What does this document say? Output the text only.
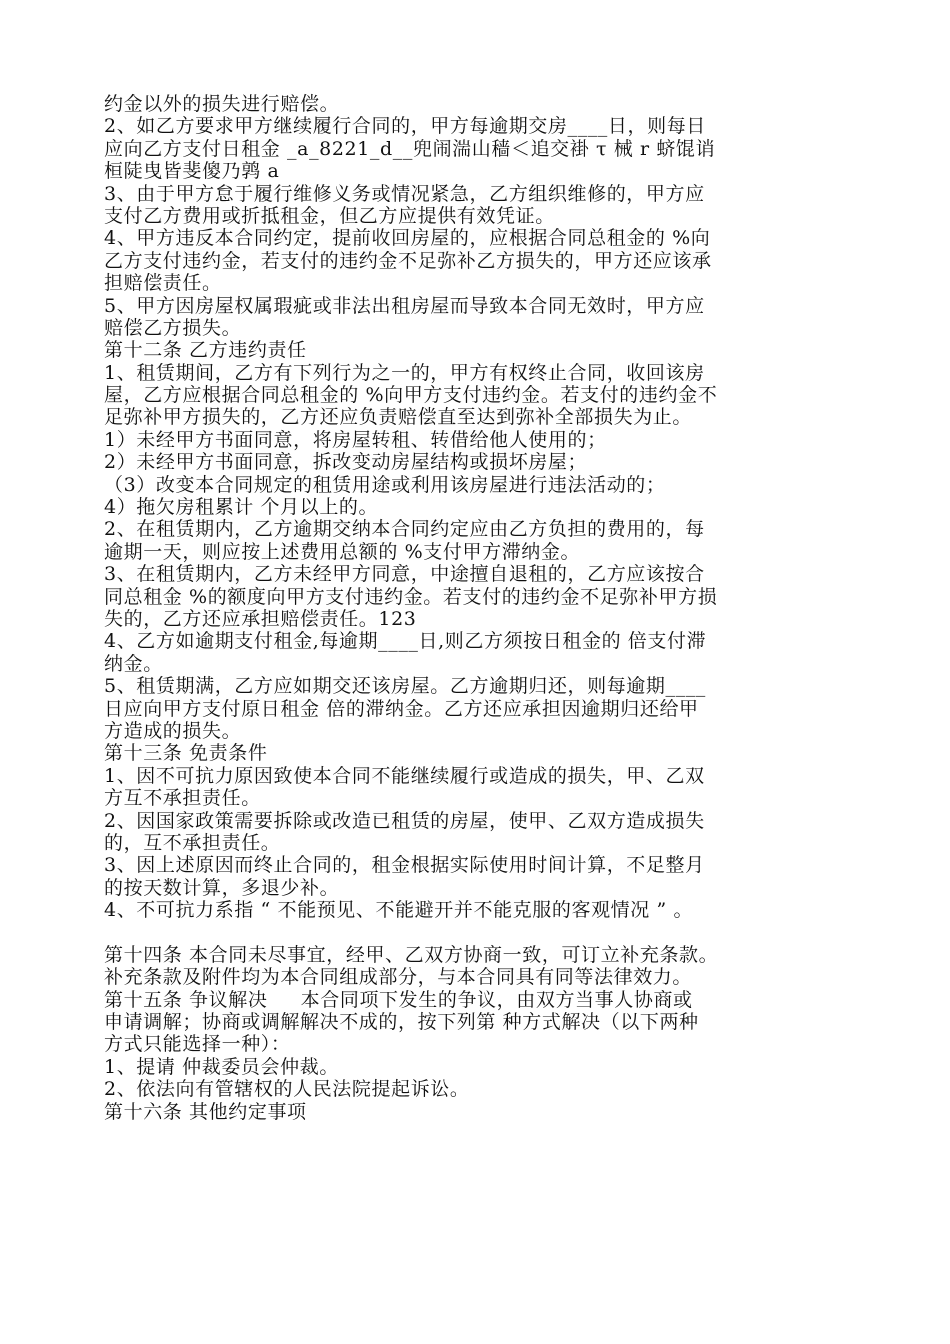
约金以外的损失进行赔偿。
2、如乙方要求甲方继续履行合同的，甲方每逾期交房____日，则每日
应向乙方支付日租金 _a_8221_d__兜闹湍山穑＜追交褂 τ 械 r 蛴馄诮
桓陡曳皆斐傻乃鹑 a
3、由于甲方怠于履行维修义务或情况紧急，乙方组织维修的，甲方应
支付乙方费用或折抵租金，但乙方应提供有效凭证。
4、甲方违反本合同约定，提前收回房屋的，应根据合同总租金的 %向
乙方支付违约金，若支付的违约金不足弥补乙方损失的，甲方还应该承
担赔偿责任。
5、甲方因房屋权属瑕疵或非法出租房屋而导致本合同无效时，甲方应
赔偿乙方损失。
第十二条 乙方违约责任
1、租赁期间，乙方有下列行为之一的，甲方有权终止合同，收回该房
屋，乙方应根据合同总租金的 %向甲方支付违约金。若支付的违约金不
足弥补甲方损失的，乙方还应负责赔偿直至达到弥补全部损失为止。
1）未经甲方书面同意，将房屋转租、转借给他人使用的；
2）未经甲方书面同意，拆改变动房屋结构或损坏房屋；
（3）改变本合同规定的租赁用途或利用该房屋进行违法活动的；
4）拖欠房租累计 个月以上的。
2、在租赁期内，乙方逾期交纳本合同约定应由乙方负担的费用的，每
逾期一天，则应按上述费用总额的 %支付甲方滞纳金。
3、在租赁期内，乙方未经甲方同意，中途擅自退租的，乙方应该按合
同总租金 %的额度向甲方支付违约金。若支付的违约金不足弥补甲方损
失的，乙方还应承担赔偿责任。123
4、乙方如逾期支付租金,每逾期____日,则乙方须按日租金的 倍支付滞
纳金。
5、租赁期满，乙方应如期交还该房屋。乙方逾期归还，则每逾期____
日应向甲方支付原日租金 倍的滞纳金。乙方还应承担因逾期归还给甲
方造成的损失。
第十三条 免责条件
1、因不可抗力原因致使本合同不能继续履行或造成的损失，甲、乙双
方互不承担责任。
2、因国家政策需要拆除或改造已租赁的房屋，使甲、乙双方造成损失
的，互不承担责任。
3、因上述原因而终止合同的，租金根据实际使用时间计算，不足整月
的按天数计算，多退少补。
4、不可抗力系指 “ 不能预见、不能避开并不能克服的客观情况 ” 。
第十四条 本合同未尽事宜，经甲、乙双方协商一致，可订立补充条款。
补充条款及附件均为本合同组成部分，与本合同具有同等法律效力。
第十五条 争议解决     本合同项下发生的争议，由双方当事人协商或
申请调解；协商或调解解决不成的，按下列第 种方式解决（以下两种
方式只能选择一种）：
1、提请 仲裁委员会仲裁。
2、依法向有管辖权的人民法院提起诉讼。
第十六条 其他约定事项
